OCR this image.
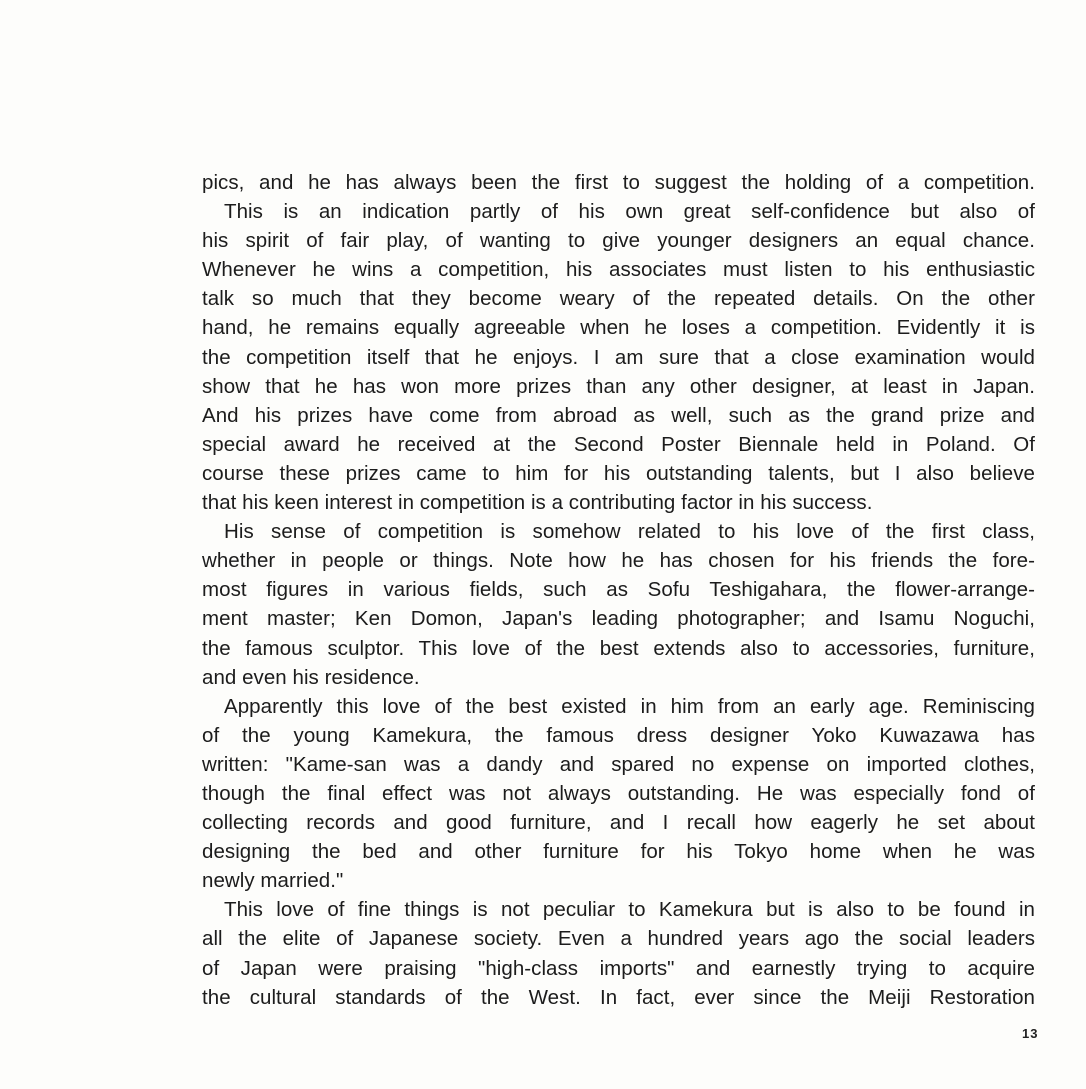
pics, and he has always been the first to suggest the holding of a competition.
This is an indication partly of his own great self-confidence but also of
his spirit of fair play, of wanting to give younger designers an equal chance.
Whenever he wins a competition, his associates must listen to his enthusiastic
talk so much that they become weary of the repeated details. On the other
hand, he remains equally agreeable when he loses a competition. Evidently it is
the competition itself that he enjoys. I am sure that a close examination would
show that he has won more prizes than any other designer, at least in Japan.
And his prizes have come from abroad as well, such as the grand prize and
special award he received at the Second Poster Biennale held in Poland. Of
course these prizes came to him for his outstanding talents, but I also believe
that his keen interest in competition is a contributing factor in his success.
His sense of competition is somehow related to his love of the first class,
whether in people or things. Note how he has chosen for his friends the fore-
most figures in various fields, such as Sofu Teshigahara, the flower-arrange-
ment master; Ken Domon, Japan's leading photographer; and Isamu Noguchi,
the famous sculptor. This love of the best extends also to accessories, furniture,
and even his residence.
Apparently this love of the best existed in him from an early age. Reminiscing
of the young Kamekura, the famous dress designer Yoko Kuwazawa has
written: "Kame-san was a dandy and spared no expense on imported clothes,
though the final effect was not always outstanding. He was especially fond of
collecting records and good furniture, and I recall how eagerly he set about
designing the bed and other furniture for his Tokyo home when he was
newly married."
This love of fine things is not peculiar to Kamekura but is also to be found in
all the elite of Japanese society. Even a hundred years ago the social leaders
of Japan were praising "high-class imports" and earnestly trying to acquire
the cultural standards of the West. In fact, ever since the Meiji Restoration
13
